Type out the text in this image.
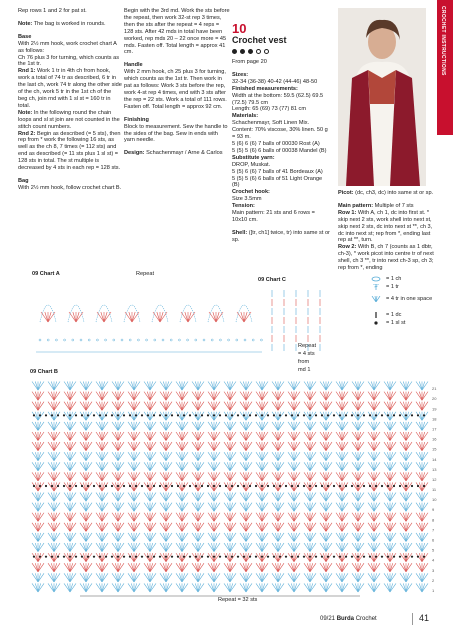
CROCHET INSTRUCTIONS

Rep rows 1 and 2 for pat st.

Note: The bag is worked in rounds.

Base
With 2½ mm hook, work crochet chart A as follows:
Ch 76 plus 3 for turning, which counts as the 1st tr.
Rnd 1: Work 1 tr in 4th ch from hook, work a total of 74 tr as described, 6 tr in the last ch, work 74 tr along the other side of the ch, work 5 tr in the 1st ch of the beg ch, join rnd with 1 sl st = 160 tr in total.
Note: In the following round the chain loops and sl st join are not counted in the stitch count numbers.
Rnd 2: Begin as described (= 5 sts), then rep from * work the following 16 sts, as well as the ch 8, 7 times (= 112 sts) and end as described (= 11 sts plus 1 sl st) = 128 sts in total. The st multiple is decreased by 4 sts in each rep = 128 sts.

Bag
With 2½ mm hook, follow crochet chart B.

Begin with the 3rd md. Work the sts before the repeat, then work 32-st rep 3 times, then the sts after the repeat = 4 reps = 128 sts. After 42 mds in total have been worked, rep mds 20 – 22 once more = 45 mds. Fasten off. Total length = approx 41 cm.

Handle
With 2 mm hook, ch 25 plus 3 for turning, which counts as the 1st tr. Then work in pat as follows: Work 3 sts before the rep, work 4-st rep 4 times, end with 3 sts after the rep = 22 sts. Work a total of 111 rows. Fasten off. Total length = approx 92 cm.

Finishing
Block to measurement. Sew the handle to the sides of the bag. Sew in ends with yarn needle.

Design: Schachenmayr / Arne & Carlos

10
Crochet vest

From page 20

Sizes:
32-34 (36-38) 40-42 (44-46) 48-50
Finished measurements:
Width at the bottom: 59.5 (62.5) 69.5 (72.5) 79.5 cm
Length: 65 (69) 73 (77) 81 cm
Materials:
Schachenmayr, Soft Linen Mix. Content: 70% viscose, 30% linen. 50 g = 93 m.
5 (6) 6 (6) 7 balls of 00030 Rost (A)
5 (5) 5 (6) 6 balls of 00038 Mandel (B)
Substitute yarn:
DROP, Muskat.
5 (5) 6 (6) 7 balls of 41 Bordeaux (A)
5 (5) 5 (6) 6 balls of 51 Light Orange (B)
Crochet hook:
Size 3.5mm
Tension:
Main pattern: 21 sts and 6 rows = 10x10 cm.

Shell: ([tr, ch1] twice, tr) into same st or sp.

Picot: (dc, ch3, dc) into same st or sp.

Main pattern: Multiple of 7 sts
Row 1: With A, ch 1, dc into first st. * skip next 2 sts, work shell into next st, skip next 2 sts, dc into next st **, ch 3, dc into next st; rep from *, ending last rep at **, turn.
Row 2: With B, ch 7 (counts as 1 dbtr, ch-3), * work picot into centre tr of next shell, ch 3 **, tr into next ch-3 sp, ch 3; rep from *, ending

09 Chart A	Repeat
09 Chart B
09 Chart C
Repeat
= 4 sts
from
md 1
Repeat = 32 sts
= 1 ch
= 1 tr
= 4 tr in one space
= 1 dc
= 1 sl st
1
2
3
4
5
6
7
8
9
10
11
12
13
14
15
16
17
18
19
20
21
09/21 Burda Crochet	41
